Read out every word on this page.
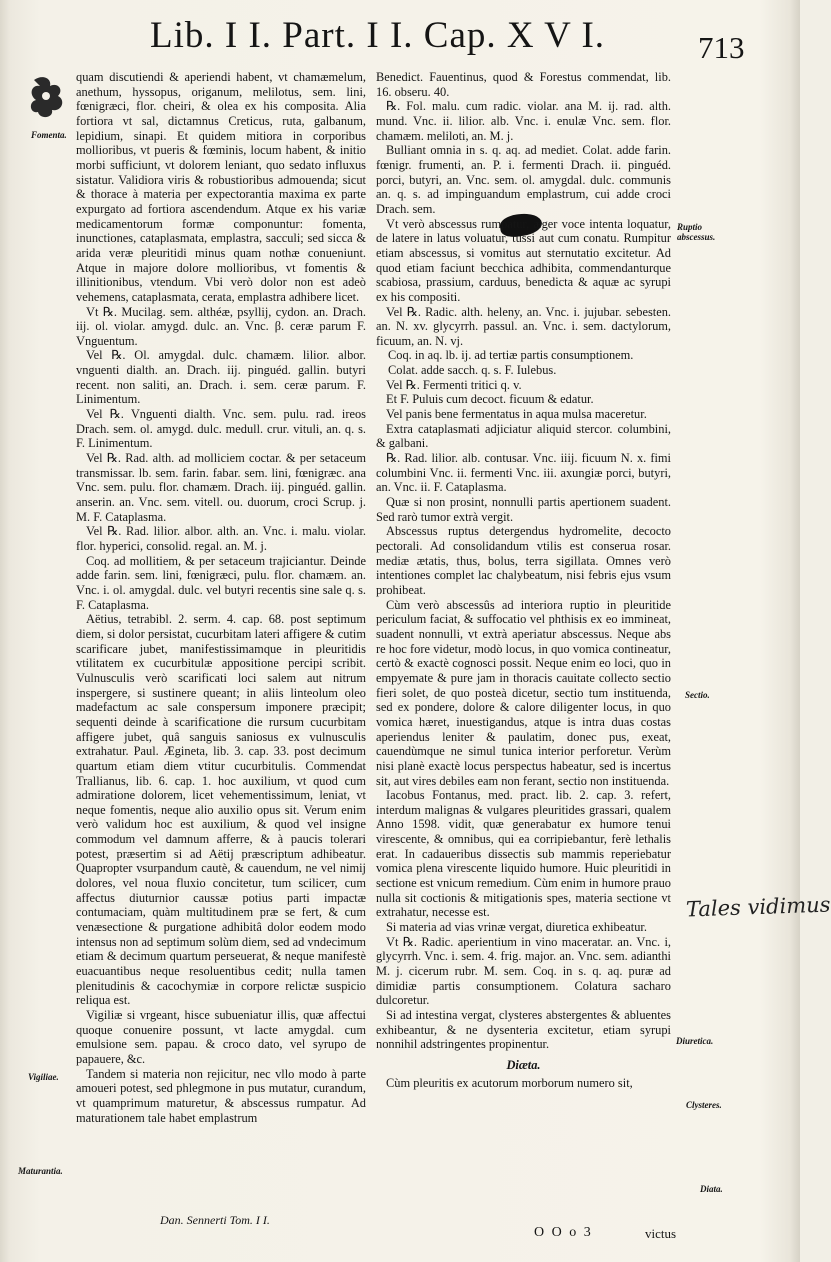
Lib. I I. Part. I I. Cap. X V I.	713
Fomenta.
Ruptio abscessus.
Sectio.
Diuretica.
Clysteres.
Vigiliae.
Maturantia.
Diata.
Tales vidimus

quam discutiendi & aperiendi habent, vt chamæmelum, anethum, hyssopus, origanum, melilotus, sem. lini, fœnigræci, flor. cheiri, & olea ex his composita. Alia fortiora vt sal, dictamnus Creticus, ruta, galbanum, lepidium, sinapi. Et quidem mitiora in corporibus mollioribus, vt pueris & fœminis, locum habent, & initio morbi sufficiunt, vt dolorem leniant, quo sedato influxus sistatur. Validiora viris & robustioribus admouenda; sicut & thorace à materia per expectorantia maxima ex parte expurgato ad fortiora ascendendum. Atque ex his variæ medicamentorum formæ componuntur: fomenta, inunctiones, cataplasmata, emplastra, sacculi; sed sicca & arida veræ pleuritidi minus quam nothæ conueniunt. Atque in majore dolore mollioribus, vt fomentis & illinitionibus, vtendum. Vbi verò dolor non est adeò vehemens, cataplasmata, cerata, emplastra adhibere licet.

Vt ℞. Mucilag. sem. althéæ, psyllij, cydon. an. Drach. iij. ol. violar. amygd. dulc. an. Vnc. β. ceræ parum F. Vnguentum.

Vel ℞. Ol. amygdal. dulc. chamæm. lilior. albor. vnguenti dialth. an. Drach. iij. pinguéd. gallin. butyri recent. non saliti, an. Drach. i. sem. ceræ parum. F. Linimentum.

Vel ℞. Vnguenti dialth. Vnc. sem. pulu. rad. ireos Drach. sem. ol. amygd. dulc. medull. crur. vituli, an. q. s. F. Linimentum.

Vel ℞. Rad. alth. ad molliciem coctar. & per setaceum transmissar. lb. sem. farin. fabar. sem. lini, fœnigræc. ana Vnc. sem. pulu. flor. chamæm. Drach. iij. pinguéd. gallin. anserin. an. Vnc. sem. vitell. ou. duorum, croci Scrup. j. M. F. Cataplasma.

Vel ℞. Rad. lilior. albor. alth. an. Vnc. i. malu. violar. flor. hyperici, consolid. regal. an. M. j.

Coq. ad mollitiem, & per setaceum trajiciantur. Deinde adde farin. sem. lini, fœnigræci, pulu. flor. chamæm. an. Vnc. i. ol. amygdal. dulc. vel butyri recentis sine sale q. s. F. Cataplasma.

Aëtius, tetrabibl. 2. serm. 4. cap. 68. post septimum diem, si dolor persistat, cucurbitam lateri affigere & cutim scarificare jubet, manifestissimamque in pleuritidis vtilitatem ex cucurbitulæ appositione percipi scribit. Vulnusculis verò scarificati loci salem aut nitrum inspergere, si sustinere queant; in aliis linteolum oleo madefactum ac sale conspersum imponere præcipit; sequenti deinde à scarificatione die rursum cucurbitam affigere jubet, quâ sanguis saniosus ex vulnusculis extrahatur. Paul. Ægineta, lib. 3. cap. 33. post decimum quartum etiam diem vtitur cucurbitulis. Commendat Trallianus, lib. 6. cap. 1. hoc auxilium, vt quod cum admiratione dolorem, licet vehementissimum, leniat, vt neque fomentis, neque alio auxilio opus sit. Verum enim verò validum hoc est auxilium, & quod vel insigne commodum vel damnum afferre, & à paucis tolerari potest, præsertim si ad Aëtij præscriptum adhibeatur. Quapropter vsurpandum cautè, & cauendum, ne vel nimij dolores, vel noua fluxio concitetur, tum sciliceт, cum affectus diuturnior caussæ potius parti impactæ contumaciam, quàm multitudinem præ se fert, & cum venæsectione & purgatione adhibitâ dolor eodem modo intensus non ad septimum solùm diem, sed ad vndecimum etiam & decimum quartum perseuerat, & neque manifestè euacuantibus neque resoluentibus cedit; nulla tamen plenitudinis & cacochymiæ in corpore relictæ suspicio reliqua est.

Vigiliæ si vrgeant, hisce subueniatur illis, quæ affectui quoque conuenire possunt, vt lacte amygdal. cum emulsione sem. papau. & croco dato, vel syrupo de papauere, &c.

Tandem si materia non rejicitur, nec vllo modo à parte amoueri potest, sed phlegmone in pus mutatur, curandum, vt quamprimum maturetur, & abscessus rumpatur. Ad maturationem tale habet emplastrum

Benedict. Fauentinus, quod & Forestus commendat, lib. 16. obseru. 40.

℞. Fol. malu. cum radic. violar. ana M. ij. rad. alth. mund. Vnc. ii. lilior. alb. Vnc. i. enulæ Vnc. sem. flor. chamæm. meliloti, an. M. j.

Bulliant omnia in s. q. aq. ad mediet. Colat. adde farin. fœnigr. frumenti, an. P. i. fermenti Drach. ii. pinguéd. porci, butyri, an. Vnc. sem. ol. amygdal. dulc. communis an. q. s. ad impinguandum emplastrum, cui adde croci Drach. sem.

Vt verò abscessus rumpatur, æger voce intenta loquatur, de latere in latus voluatur, tussi aut cum conatu. Rumpitur etiam abscessus, si vomitus aut sternutatio excitetur. Ad quod etiam faciunt becchica adhibita, commendanturque scabiosa, prassium, carduus, benedicta & aquæ ac syrupi ex his compositi.

Vel ℞. Radic. alth. heleny, an. Vnc. i. jujubar. sebesten. an. N. xv. glycyrrh. passul. an. Vnc. i. sem. dactylorum, ficuum, an. N. vj.

Coq. in aq. lb. ij. ad tertiæ partis consumptionem.

Colat. adde sacch. q. s. F. Iulebus.

Vel ℞. Fermenti tritici q. v.

Et F. Puluis cum decoct. ficuum & edatur.

Vel panis bene fermentatus in aqua mulsa maceretur.

Extra cataplasmati adjiciatur aliquid stercor. columbini, & galbani.

℞. Rad. lilior. alb. contusar. Vnc. iiij. ficuum N. x. fimi columbini Vnc. ii. fermenti Vnc. iii. axungiæ porci, butyri, an. Vnc. ii. F. Cataplasma.

Quæ si non prosint, nonnulli partis apertionem suadent. Sed rarò tumor extrà vergit.

Abscessus ruptus detergendus hydromelite, decocto pectorali. Ad consolidandum vtilis est conserua rosar. mediæ ætatis, thus, bolus, terra sigillata. Omnes verò intentiones complet lac chalybeatum, nisi febris ejus vsum prohibeat.

Cùm verò abscessûs ad interiora ruptio in pleuritide periculum faciat, & suffocatio vel phthisis ex eo immineat, suadent nonnulli, vt extrà aperiatur abscessus. Neque abs re hoc fore videtur, modò locus, in quo vomica contineatur, certò & exactè cognosci possit. Neque enim eo loci, quo in empyemate & pure jam in thoracis cauitate collecto sectio fieri solet, de quo posteà dicetur, sectio tum instituenda, sed ex pondere, dolore & calore diligenter locus, in quo vomica hæret, inuestigandus, atque is intra duas costas aperiendus leniter & paulatim, donec pus, exeat, cauendùmque ne simul tunica interior perforetur. Verùm nisi planè exactè locus perspectus habeatur, sed is incertus sit, aut vires debiles eam non ferant, sectio non instituenda.

Iacobus Fontanus, med. pract. lib. 2. cap. 3. refert, interdum malignas & vulgares pleuritides grassari, qualem Anno 1598. vidit, quæ generabatur ex humore tenui virescente, & omnibus, qui ea corripiebantur, ferè lethalis erat. In cadaueribus dissectis sub mammis reperiebatur vomica plena virescente liquido humore. Huic pleuritidi in sectione est vnicum remedium. Cùm enim in humore prauo nulla sit coctionis & mitigationis spes, materia sectione vt extrahatur, necesse est.

Si materia ad vias vrinæ vergat, diuretica exhibeatur.

Vt ℞. Radic. aperientium in vino maceratar. an. Vnc. i, glycyrrh. Vnc. i. sem. 4. frig. major. an. Vnc. sem. adianthi M. j. cicerum rubr. M. sem. Coq. in s. q. aq. puræ ad dimidiæ partis consumptionem. Colatura sacharo dulcoretur.

Si ad intestina vergat, clysteres abstergentes & abluentes exhibeantur, & ne dysenteria excitetur, etiam syrupi nonnihil adstringentes propinentur.

Diæta.

Cùm pleuritis ex acutorum morborum numero sit,

Dan. Sennerti Tom. I I.
O O o 3	victus
